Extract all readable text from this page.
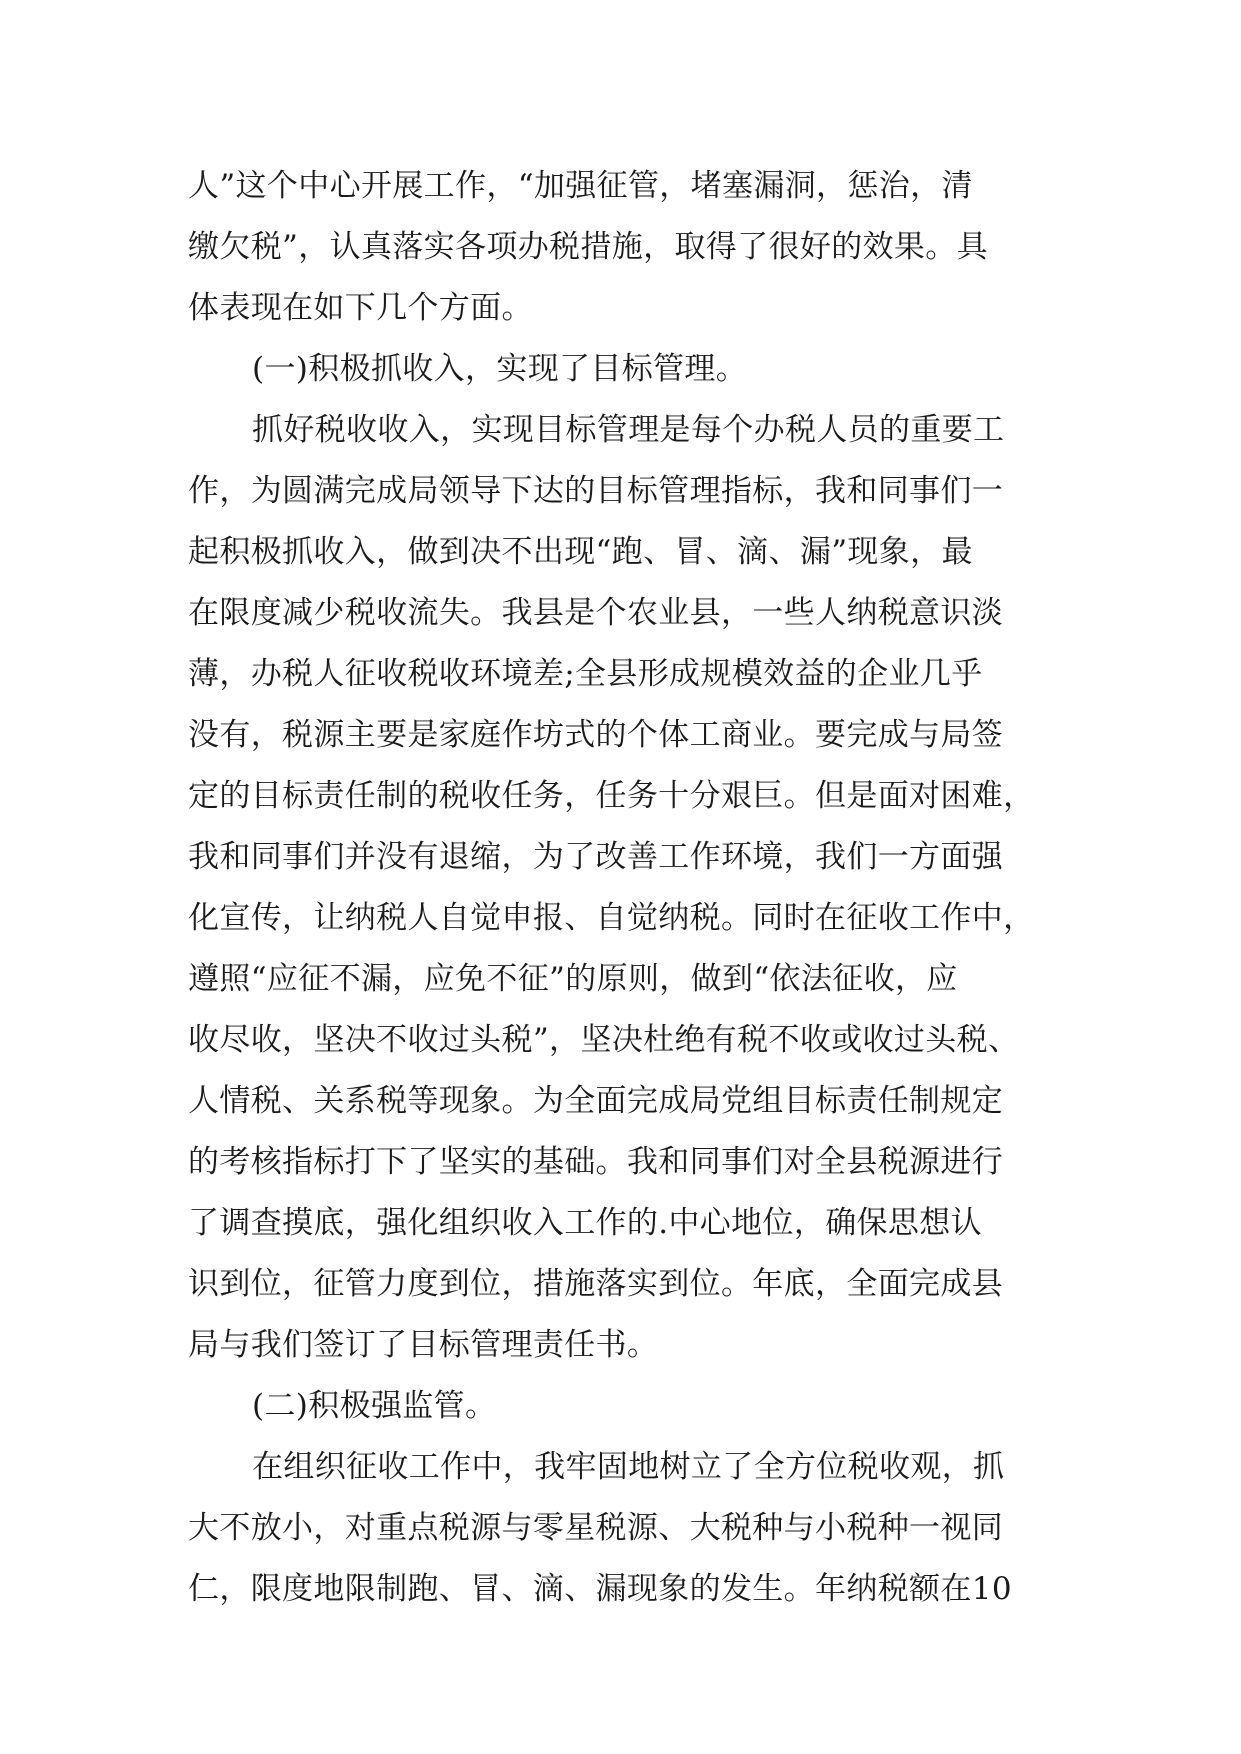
人”这个中心开展工作，“加强征管，堵塞漏洞，惩治，清
缴欠税”，认真落实各项办税措施，取得了很好的效果。具
体表现在如下几个方面。
(一)积极抓收入，实现了目标管理。
抓好税收收入，实现目标管理是每个办税人员的重要工
作，为圆满完成局领导下达的目标管理指标，我和同事们一
起积极抓收入，做到决不出现“跑、冒、滴、漏”现象，最
在限度减少税收流失。我县是个农业县，一些人纳税意识淡
薄，办税人征收税收环境差;全县形成规模效益的企业几乎
没有，税源主要是家庭作坊式的个体工商业。要完成与局签
定的目标责任制的税收任务，任务十分艰巨。但是面对困难，
我和同事们并没有退缩，为了改善工作环境，我们一方面强
化宣传，让纳税人自觉申报、自觉纳税。同时在征收工作中，
遵照“应征不漏，应免不征”的原则，做到“依法征收，应
收尽收，坚决不收过头税”，坚决杜绝有税不收或收过头税、
人情税、关系税等现象。为全面完成局党组目标责任制规定
的考核指标打下了坚实的基础。我和同事们对全县税源进行
了调查摸底，强化组织收入工作的.中心地位，确保思想认
识到位，征管力度到位，措施落实到位。年底，全面完成县
局与我们签订了目标管理责任书。
(二)积极强监管。
在组织征收工作中，我牢固地树立了全方位税收观，抓
大不放小，对重点税源与零星税源、大税种与小税种一视同
仁，限度地限制跑、冒、滴、漏现象的发生。年纳税额在10
